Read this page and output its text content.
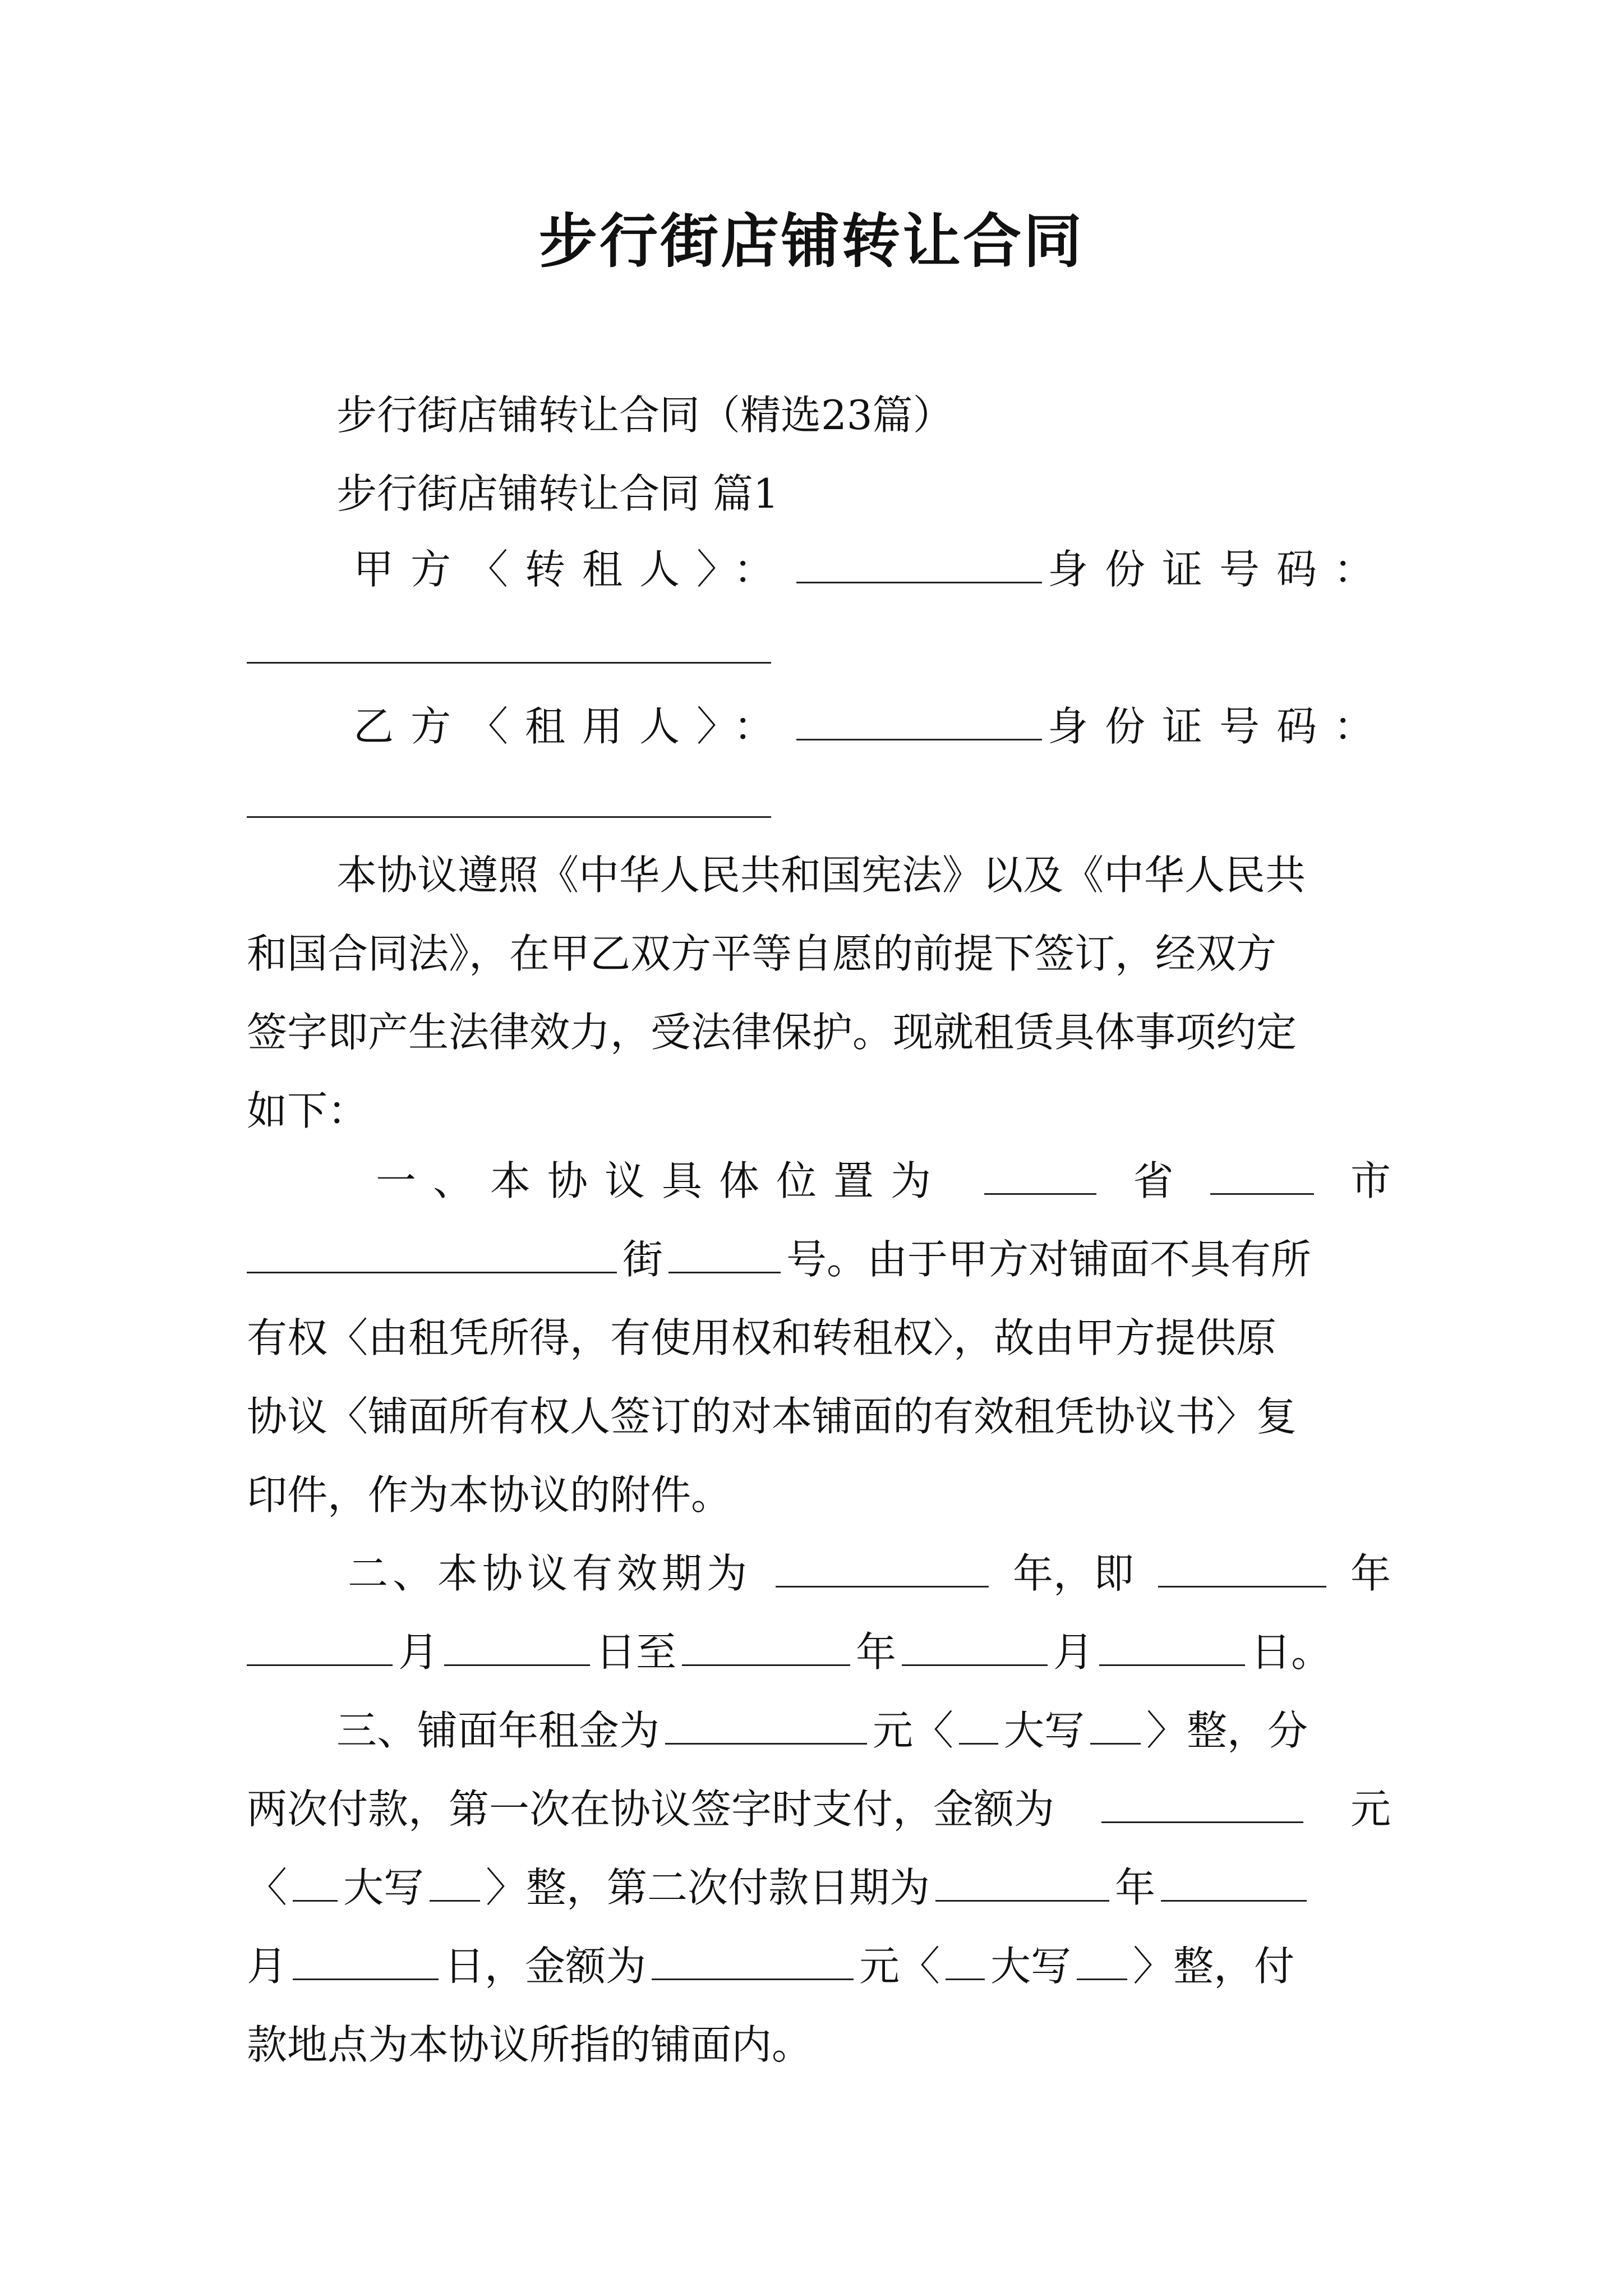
步行街店铺转让合同
步行街店铺转让合同（精选23篇）
步行街店铺转让合同 篇1
甲方〈转租人〉：	身份证号码：
乙方〈租用人〉：	身份证号码：
本协议遵照《中华人民共和国宪法》以及《中华人民共
和国合同法》，在甲乙双方平等自愿的前提下签订，经双方
签字即产生法律效力，受法律保护。现就租赁具体事项约定
如下：
一、本协议具体位置为	省	市
街	号。由于甲方对铺面不具有所
有权〈由租凭所得，有使用权和转租权〉，故由甲方提供原
协议〈铺面所有权人签订的对本铺面的有效租凭协议书〉复
印件，作为本协议的附件。
二、本协议有效期为	年，即	年
月	日至	年	月	日。
三、铺面年租金为	元〈 大写 〉整，分
两次付款，第一次在协议签字时支付，金额为	元
〈 大写 〉整，第二次付款日期为	年
月	日，金额为	元〈 大写 〉整，付
款地点为本协议所指的铺面内。
